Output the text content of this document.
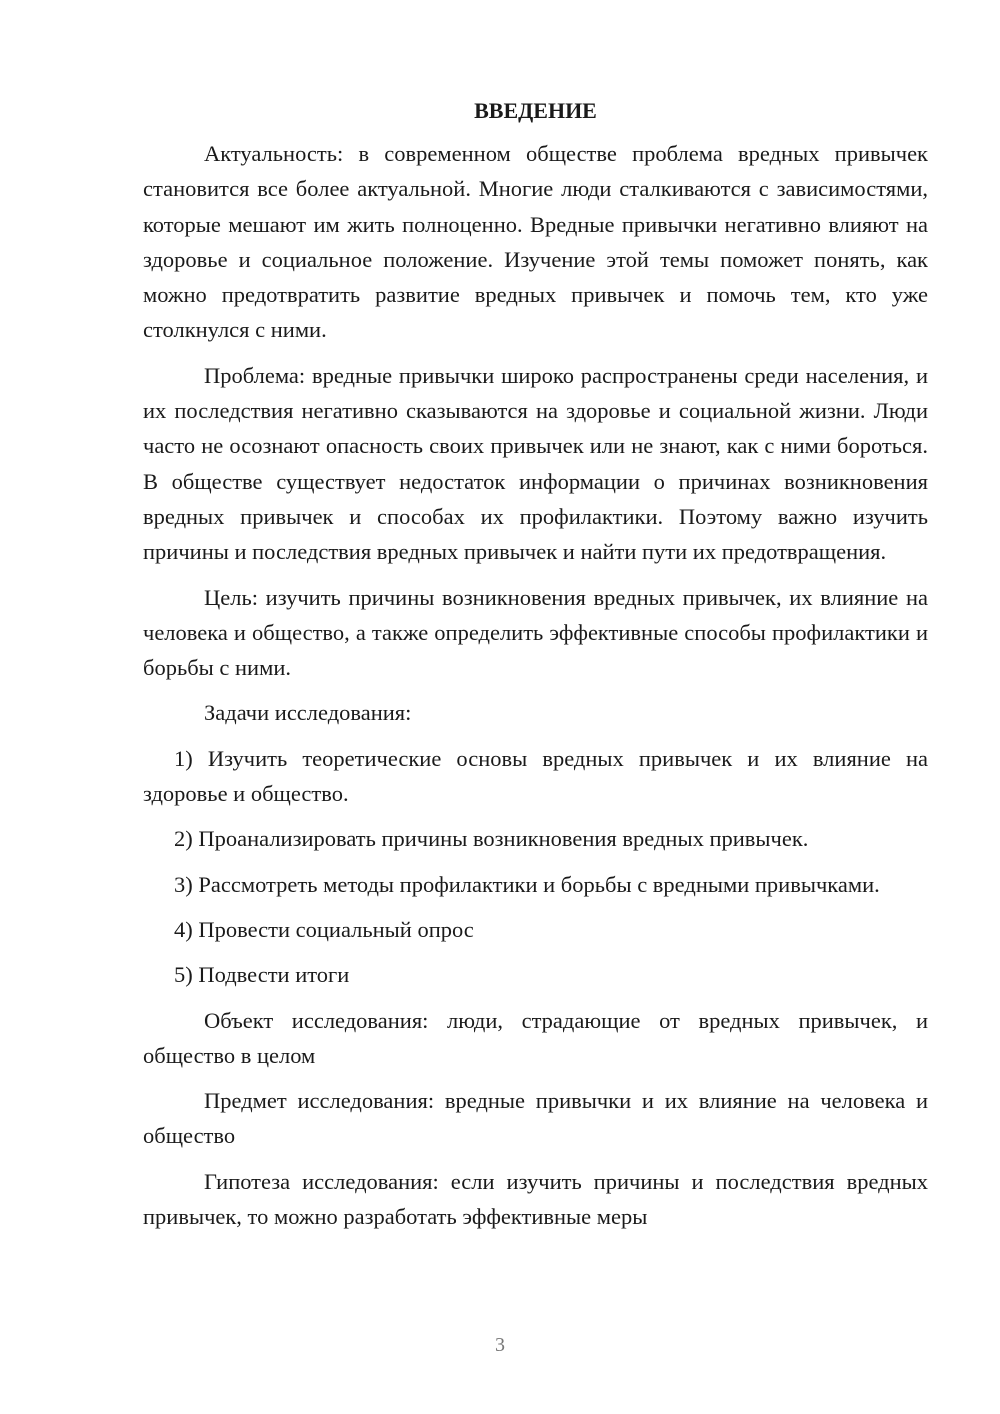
ВВЕДЕНИЕ

Актуальность: в современном обществе проблема вредных привычек становится все более актуальной. Многие люди сталкиваются с зависимостями, которые мешают им жить полноценно. Вредные привычки негативно влияют на здоровье и социальное положение. Изучение этой темы поможет понять, как можно предотвратить развитие вредных привычек и помочь тем, кто уже столкнулся с ними.

Проблема: вредные привычки широко распространены среди населения, и их последствия негативно сказываются на здоровье и социальной жизни. Люди часто не осознают опасность своих привычек или не знают, как с ними бороться. В обществе существует недостаток информации о причинах возникновения вредных привычек и способах их профилактики. Поэтому важно изучить причины и последствия вредных привычек и найти пути их предотвращения.

Цель: изучить причины возникновения вредных привычек, их влияние на человека и общество, а также определить эффективные способы профилактики и борьбы с ними.

Задачи исследования:

1) Изучить теоретические основы вредных привычек и их влияние на здоровье и общество.

2) Проанализировать причины возникновения вредных привычек.

3) Рассмотреть методы профилактики и борьбы с вредными привычками.

4) Провести социальный опрос

5) Подвести итоги

Объект исследования: люди, страдающие от вредных привычек, и общество в целом

Предмет исследования: вредные привычки и их влияние на человека и общество

Гипотеза исследования: если изучить причины и последствия вредных привычек, то можно разработать эффективные меры

3
